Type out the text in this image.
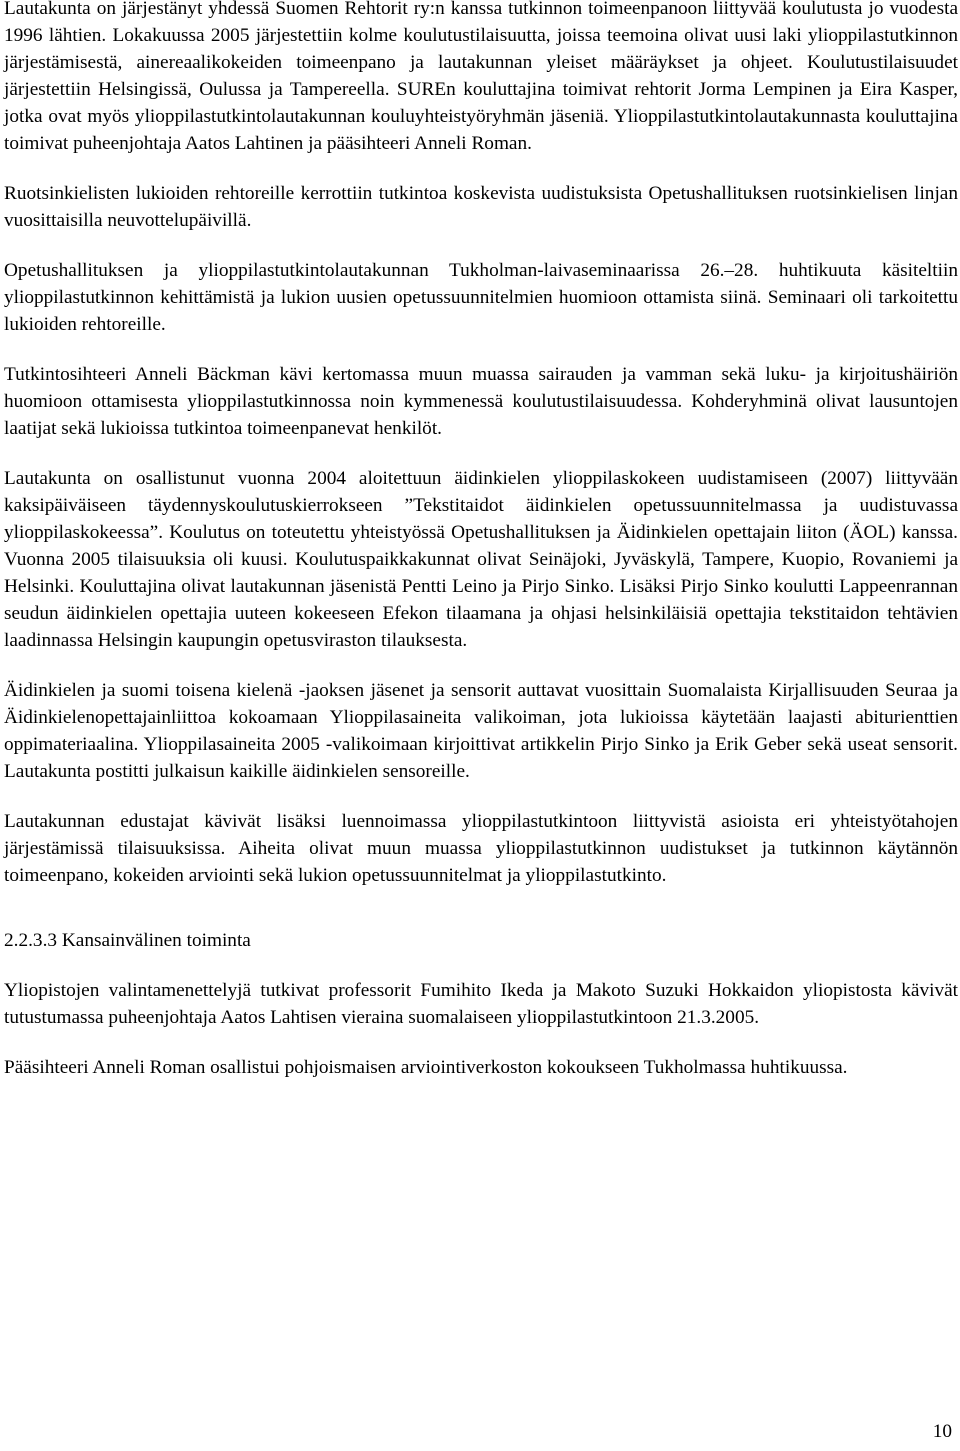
Lautakunta on järjestänyt yhdessä Suomen Rehtorit ry:n kanssa tutkinnon toimeenpanoon liittyvää koulutusta jo vuodesta 1996 lähtien. Lokakuussa 2005 järjestettiin kolme koulutustilaisuutta, joissa teemoina olivat uusi laki ylioppilastutkinnon järjestämisestä, ainereaalikokeiden toimeenpano ja lautakunnan yleiset määräykset ja ohjeet. Koulutustilaisuudet järjestettiin Helsingissä, Oulussa ja Tampereella. SUREn kouluttajina toimivat rehtorit Jorma Lempinen ja Eira Kasper, jotka ovat myös ylioppilastutkintolautakunnan kouluyhteistyöryhmän jäseniä. Ylioppilastutkintolautakunnasta kouluttajina toimivat puheenjohtaja Aatos Lahtinen ja pääsihteeri Anneli Roman.

Ruotsinkielisten lukioiden rehtoreille kerrottiin tutkintoa koskevista uudistuksista Opetushallituksen ruotsinkielisen linjan vuosittaisilla neuvottelupäivillä.

Opetushallituksen ja ylioppilastutkintolautakunnan Tukholman-laivaseminaarissa 26.–28. huhtikuuta käsiteltiin ylioppilastutkinnon kehittämistä ja lukion uusien opetussuunnitelmien huomioon ottamista siinä. Seminaari oli tarkoitettu lukioiden rehtoreille.

Tutkintosihteeri Anneli Bäckman kävi kertomassa muun muassa sairauden ja vamman sekä luku- ja kirjoitushäiriön huomioon ottamisesta ylioppilastutkinnossa noin kymmenessä koulutustilaisuudessa. Kohderyhminä olivat lausuntojen laatijat sekä lukioissa tutkintoa toimeenpanevat henkilöt.

Lautakunta on osallistunut vuonna 2004 aloitettuun äidinkielen ylioppilaskokeen uudistamiseen (2007) liittyvään kaksipäiväiseen täydennyskoulutuskierrokseen ”Tekstitaidot äidinkielen opetussuunnitelmassa ja uudistuvassa ylioppilaskokeessa”. Koulutus on toteutettu yhteistyössä Opetushallituksen ja Äidinkielen opettajain liiton (ÄOL) kanssa. Vuonna 2005 tilaisuuksia oli kuusi. Koulutuspaikkakunnat olivat Seinäjoki, Jyväskylä, Tampere, Kuopio, Rovaniemi ja Helsinki. Kouluttajina olivat lautakunnan jäsenistä Pentti Leino ja Pirjo Sinko. Lisäksi Pirjo Sinko koulutti Lappeenrannan seudun äidinkielen opettajia uuteen kokeeseen Efekon tilaamana ja ohjasi helsinkiläisiä opettajia tekstitaidon tehtävien laadinnassa Helsingin kaupungin opetusviraston tilauksesta.

Äidinkielen ja suomi toisena kielenä -jaoksen jäsenet ja sensorit auttavat vuosittain Suomalaista Kirjallisuuden Seuraa ja Äidinkielenopettajainliittoa kokoamaan Ylioppilasaineita valikoiman, jota lukioissa käytetään laajasti abiturienttien oppimateriaalina. Ylioppilasaineita 2005 -valikoimaan kirjoittivat artikkelin Pirjo Sinko ja Erik Geber sekä useat sensorit. Lautakunta postitti julkaisun kaikille äidinkielen sensoreille.

Lautakunnan edustajat kävivät lisäksi luennoimassa ylioppilastutkintoon liittyvistä asioista eri yhteistyötahojen järjestämissä tilaisuuksissa. Aiheita olivat muun muassa ylioppilastutkinnon uudistukset ja tutkinnon käytännön toimeenpano, kokeiden arviointi sekä lukion opetussuunnitelmat ja ylioppilastutkinto.

2.2.3.3 Kansainvälinen toiminta

Yliopistojen valintamenettelyjä tutkivat professorit Fumihito Ikeda ja Makoto Suzuki Hokkaidon yliopistosta kävivät tutustumassa puheenjohtaja Aatos Lahtisen vieraina suomalaiseen ylioppilastutkintoon 21.3.2005.

Pääsihteeri Anneli Roman osallistui pohjoismaisen arviointiverkoston kokoukseen Tukholmassa huhtikuussa.

10
